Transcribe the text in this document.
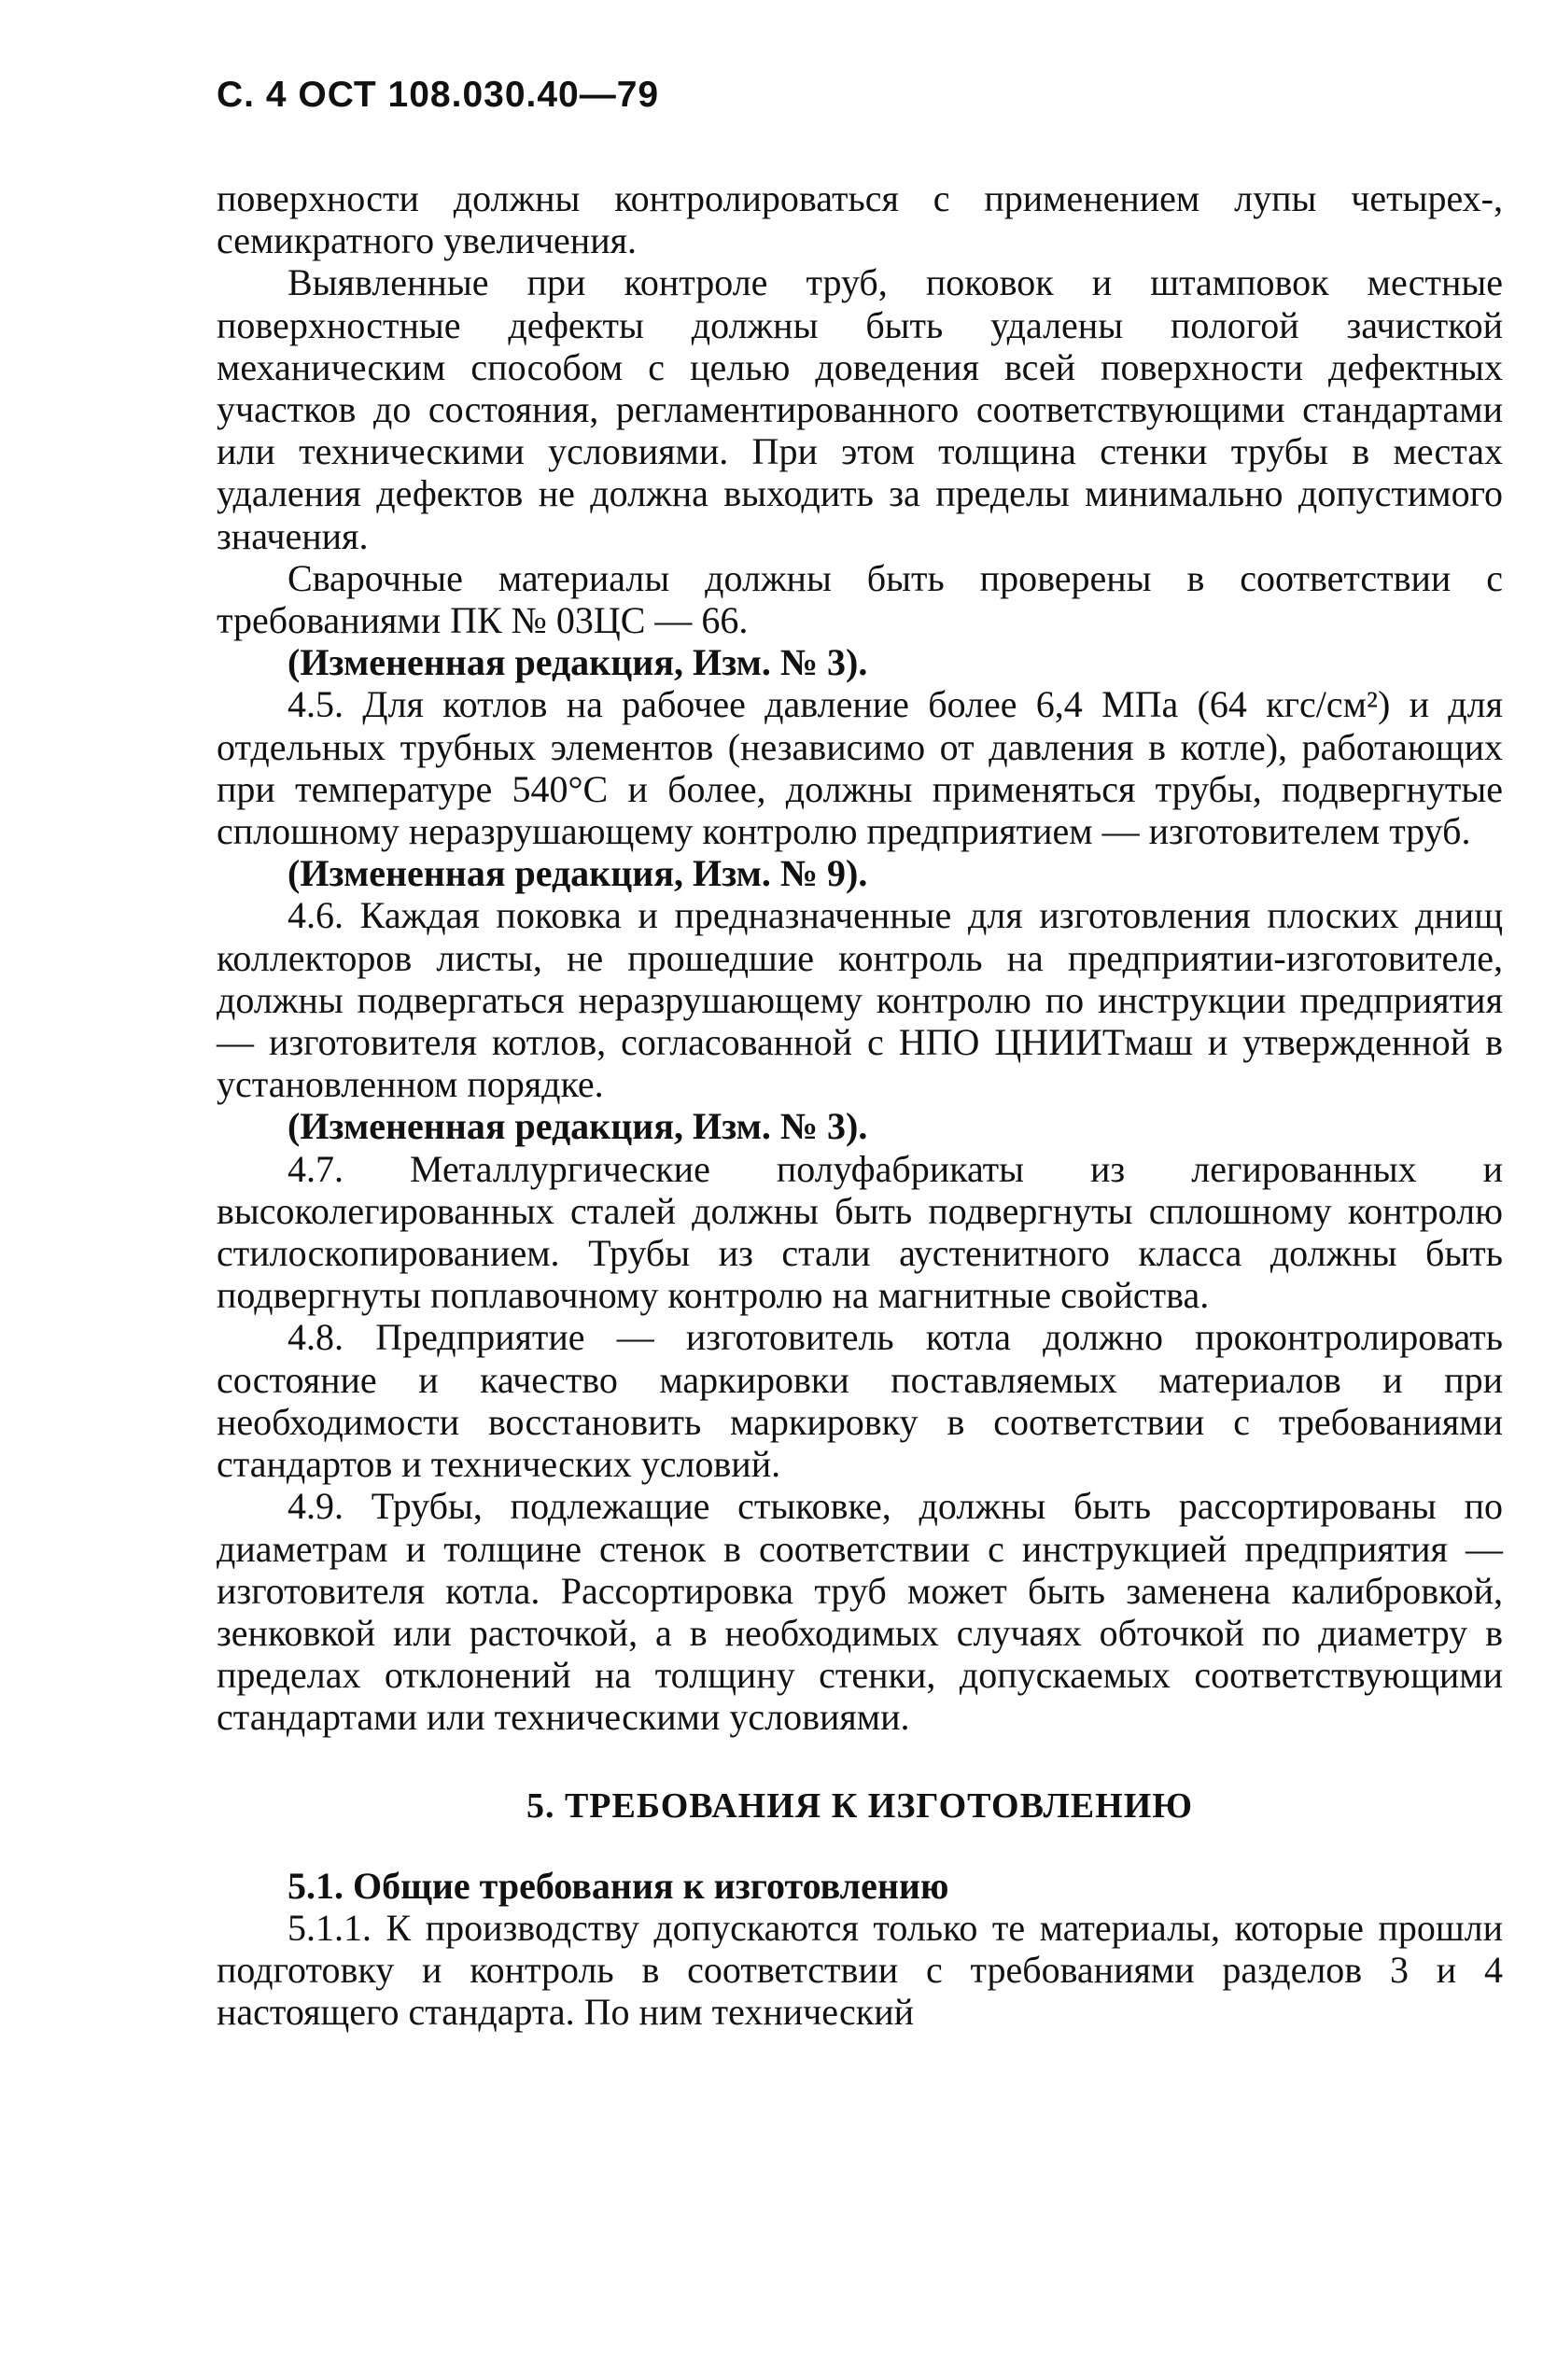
С. 4 ОСТ 108.030.40—79

поверхности должны контролироваться с применением лупы четырех-, семикратного увеличения.

Выявленные при контроле труб, поковок и штамповок местные поверхностные дефекты должны быть удалены пологой зачисткой механическим способом с целью доведения всей поверхности дефектных участков до состояния, регламентированного соответствующими стандартами или техническими условиями. При этом толщина стенки трубы в местах удаления дефектов не должна выходить за пределы минимально допустимого значения.

Сварочные материалы должны быть проверены в соответствии с требованиями ПК № 03ЦС — 66.

(Измененная редакция, Изм. № 3).

4.5. Для котлов на рабочее давление более 6,4 МПа (64 кгс/см²) и для отдельных трубных элементов (независимо от давления в котле), работающих при температуре 540°С и более, должны применяться трубы, подвергнутые сплошному неразрушающему контролю предприятием — изготовителем труб.

(Измененная редакция, Изм. № 9).

4.6. Каждая поковка и предназначенные для изготовления плоских днищ коллекторов листы, не прошедшие контроль на предприятии-изготовителе, должны подвергаться неразрушающему контролю по инструкции предприятия — изготовителя котлов, согласованной с НПО ЦНИИТмаш и утвержденной в установленном порядке.

(Измененная редакция, Изм. № 3).

4.7. Металлургические полуфабрикаты из легированных и высоколегированных сталей должны быть подвергнуты сплошному контролю стилоскопированием. Трубы из стали аустенитного класса должны быть подвергнуты поплавочному контролю на магнитные свойства.

4.8. Предприятие — изготовитель котла должно проконтролировать состояние и качество маркировки поставляемых материалов и при необходимости восстановить маркировку в соответствии с требованиями стандартов и технических условий.

4.9. Трубы, подлежащие стыковке, должны быть рассортированы по диаметрам и толщине стенок в соответствии с инструкцией предприятия — изготовителя котла. Рассортировка труб может быть заменена калибровкой, зенковкой или расточкой, а в необходимых случаях обточкой по диаметру в пределах отклонений на толщину стенки, допускаемых соответствующими стандартами или техническими условиями.

5. ТРЕБОВАНИЯ К ИЗГОТОВЛЕНИЮ

5.1. Общие требования к изготовлению

5.1.1. К производству допускаются только те материалы, которые прошли подготовку и контроль в соответствии с требованиями разделов 3 и 4 настоящего стандарта. По ним технический
